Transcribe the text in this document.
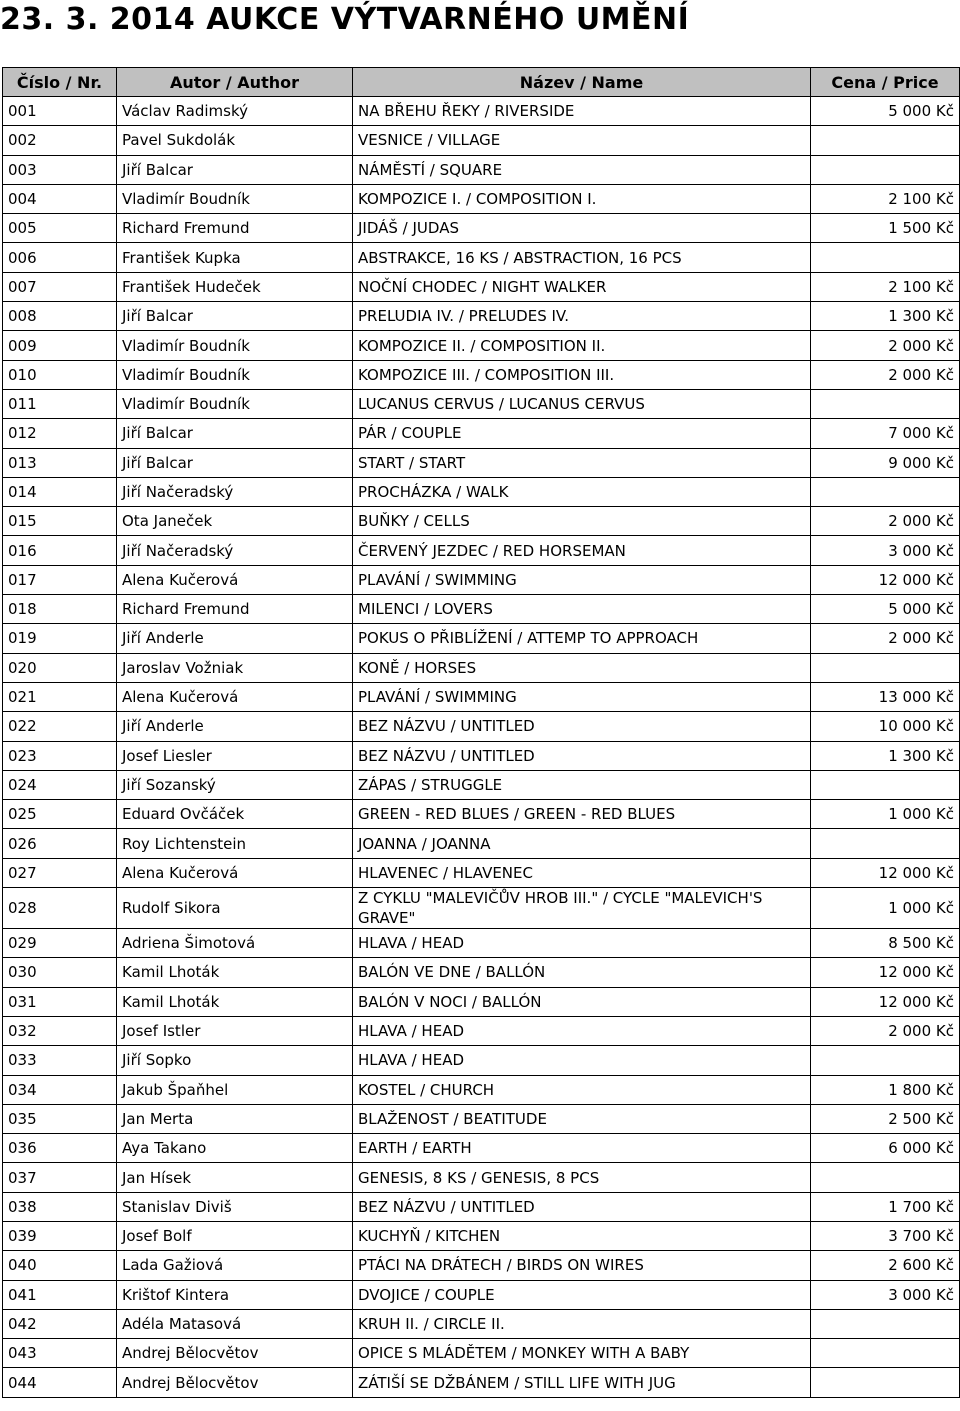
23. 3. 2014 AUKCE VÝTVARNÉHO UMĚNÍ
Číslo / Nr.	Autor / Author	Název / Name	Cena / Price
001	Václav Radimský	NA BŘEHU ŘEKY / RIVERSIDE	5 000 Kč
002	Pavel Sukdolák	VESNICE / VILLAGE	
003	Jiří Balcar	NÁMĚSTÍ / SQUARE	
004	Vladimír Boudník	KOMPOZICE I. / COMPOSITION I.	2 100 Kč
005	Richard Fremund	JIDÁŠ / JUDAS	1 500 Kč
006	František Kupka	ABSTRAKCE, 16 KS / ABSTRACTION, 16 PCS	
007	František Hudeček	NOČNÍ CHODEC / NIGHT WALKER	2 100 Kč
008	Jiří Balcar	PRELUDIA IV. / PRELUDES IV.	1 300 Kč
009	Vladimír Boudník	KOMPOZICE II. / COMPOSITION II.	2 000 Kč
010	Vladimír Boudník	KOMPOZICE III. / COMPOSITION III.	2 000 Kč
011	Vladimír Boudník	LUCANUS CERVUS / LUCANUS CERVUS	
012	Jiří Balcar	PÁR / COUPLE	7 000 Kč
013	Jiří Balcar	START / START	9 000 Kč
014	Jiří Načeradský	PROCHÁZKA / WALK	
015	Ota Janeček	BUŇKY / CELLS	2 000 Kč
016	Jiří Načeradský	ČERVENÝ JEZDEC / RED HORSEMAN	3 000 Kč
017	Alena Kučerová	PLAVÁNÍ / SWIMMING	12 000 Kč
018	Richard Fremund	MILENCI / LOVERS	5 000 Kč
019	Jiří Anderle	POKUS O PŘIBLÍŽENÍ / ATTEMP TO APPROACH	2 000 Kč
020	Jaroslav Vožniak	KONĚ / HORSES	
021	Alena Kučerová	PLAVÁNÍ / SWIMMING	13 000 Kč
022	Jiří Anderle	BEZ NÁZVU / UNTITLED	10 000 Kč
023	Josef Liesler	BEZ NÁZVU / UNTITLED	1 300 Kč
024	Jiří Sozanský	ZÁPAS / STRUGGLE	
025	Eduard Ovčáček	GREEN - RED BLUES / GREEN - RED BLUES	1 000 Kč
026	Roy Lichtenstein	JOANNA / JOANNA	
027	Alena Kučerová	HLAVENEC / HLAVENEC	12 000 Kč
028	Rudolf Sikora	Z CYKLU "MALEVIČŮV HROB III." / CYCLE "MALEVICH'S GRAVE"	1 000 Kč
029	Adriena Šimotová	HLAVA / HEAD	8 500 Kč
030	Kamil Lhoták	BALÓN VE DNE / BALLÓN	12 000 Kč
031	Kamil Lhoták	BALÓN V NOCI / BALLÓN	12 000 Kč
032	Josef Istler	HLAVA / HEAD	2 000 Kč
033	Jiří Sopko	HLAVA / HEAD	
034	Jakub Špaňhel	KOSTEL / CHURCH	1 800 Kč
035	Jan Merta	BLAŽENOST / BEATITUDE	2 500 Kč
036	Aya Takano	EARTH / EARTH	6 000 Kč
037	Jan Hísek	GENESIS, 8 KS / GENESIS, 8 PCS	
038	Stanislav Diviš	BEZ NÁZVU / UNTITLED	1 700 Kč
039	Josef Bolf	KUCHYŇ / KITCHEN	3 700 Kč
040	Lada Gažiová	PTÁCI NA DRÁTECH / BIRDS ON WIRES	2 600 Kč
041	Krištof Kintera	DVOJICE / COUPLE	3 000 Kč
042	Adéla Matasová	KRUH II. / CIRCLE II.	
043	Andrej Bělocvětov	OPICE S MLÁDĚTEM / MONKEY WITH A BABY	
044	Andrej Bělocvětov	ZÁTIŠÍ SE DŽBÁNEM / STILL LIFE WITH JUG	
